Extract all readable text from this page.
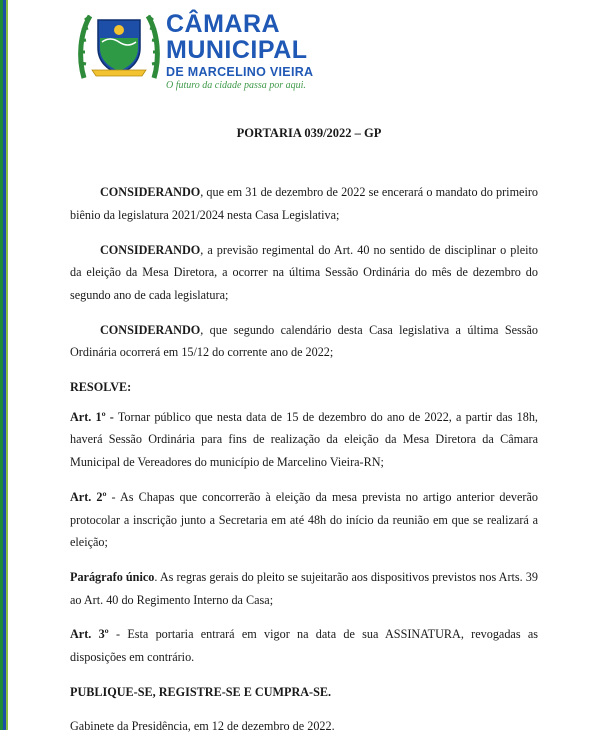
CÂMARA
MUNICIPAL
DE MARCELINO VIEIRA
O futuro da cidade passa por aqui.
PORTARIA 039/2022 – GP

CONSIDERANDO, que em 31 de dezembro de 2022 se encerará o mandato do primeiro biênio da legislatura 2021/2024 nesta Casa Legislativa;

CONSIDERANDO, a previsão regimental do Art. 40 no sentido de disciplinar o pleito da eleição da Mesa Diretora, a ocorrer na última Sessão Ordinária do mês de dezembro do segundo ano de cada legislatura;

CONSIDERANDO, que segundo calendário desta Casa legislativa a última Sessão Ordinária ocorrerá em 15/12 do corrente ano de 2022;

RESOLVE:

Art. 1º - Tornar público que nesta data de 15 de dezembro do ano de 2022, a partir das 18h, haverá Sessão Ordinária para fins de realização da eleição da Mesa Diretora da Câmara Municipal de Vereadores do município de Marcelino Vieira-RN;

Art. 2º - As Chapas que concorrerão à eleição da mesa prevista no artigo anterior deverão protocolar a inscrição junto a Secretaria em até 48h do início da reunião em que se realizará a eleição;

Parágrafo único. As regras gerais do pleito se sujeitarão aos dispositivos previstos nos Arts. 39 ao Art. 40 do Regimento Interno da Casa;

Art. 3º - Esta portaria entrará em vigor na data de sua ASSINATURA, revogadas as disposições em contrário.

PUBLIQUE-SE, REGISTRE-SE E CUMPRA-SE.

Gabinete da Presidência, em 12 de dezembro de 2022.
